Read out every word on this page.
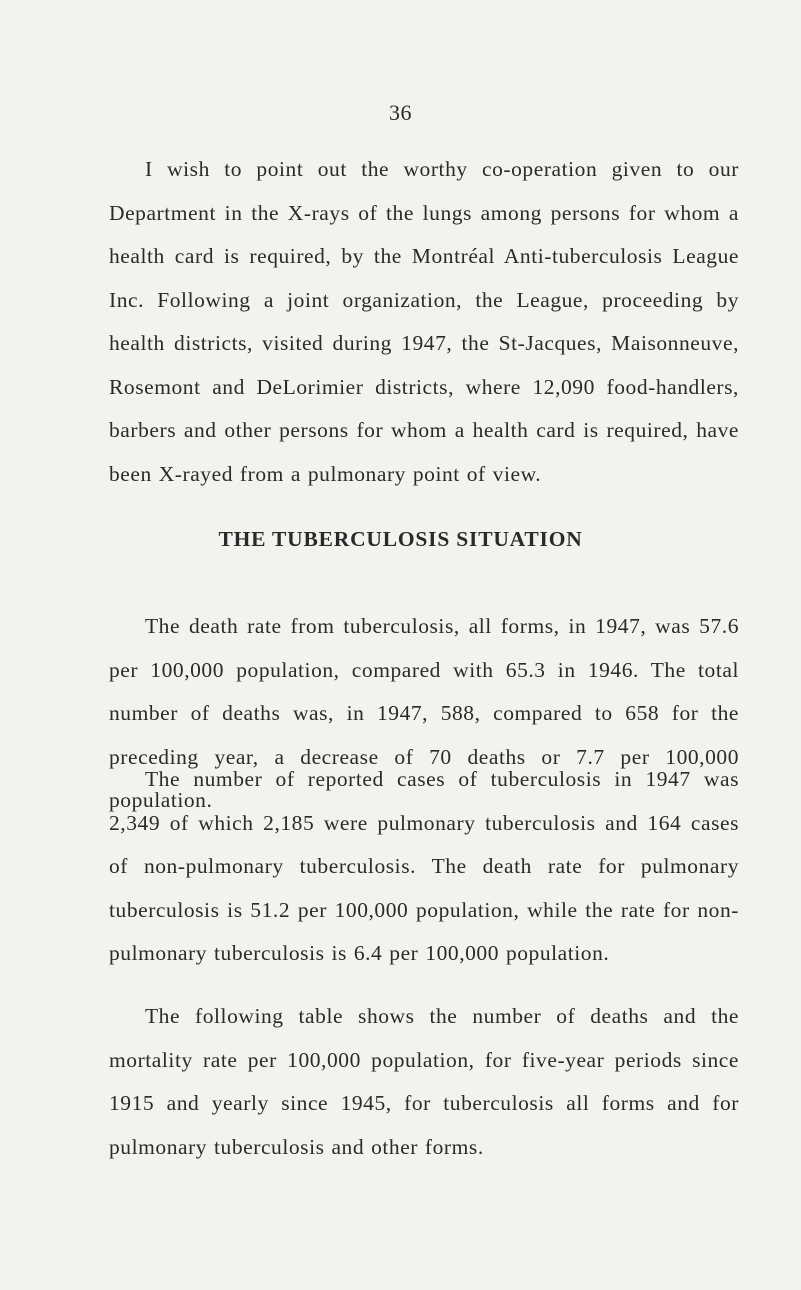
36

I wish to point out the worthy co-operation given to our Department in the X-rays of the lungs among persons for whom a health card is required, by the Montréal Anti-tuberculosis League Inc. Following a joint organization, the League, proceeding by health districts, visited during 1947, the St-Jacques, Maisonneuve, Rosemont and DeLorimier districts, where 12,090 food-handlers, barbers and other persons for whom a health card is required, have been X-rayed from a pulmonary point of view.

THE TUBERCULOSIS SITUATION

The death rate from tuberculosis, all forms, in 1947, was 57.6 per 100,000 population, compared with 65.3 in 1946. The total number of deaths was, in 1947, 588, compared to 658 for the preceding year, a decrease of 70 deaths or 7.7 per 100,000 population.

The number of reported cases of tuberculosis in 1947 was 2,349 of which 2,185 were pulmonary tuberculosis and 164 cases of non-pulmonary tuberculosis. The death rate for pulmonary tuberculosis is 51.2 per 100,000 population, while the rate for non-pulmonary tuberculosis is 6.4 per 100,000 population.

The following table shows the number of deaths and the mortality rate per 100,000 population, for five-year periods since 1915 and yearly since 1945, for tuberculosis all forms and for pulmonary tuberculosis and other forms.
